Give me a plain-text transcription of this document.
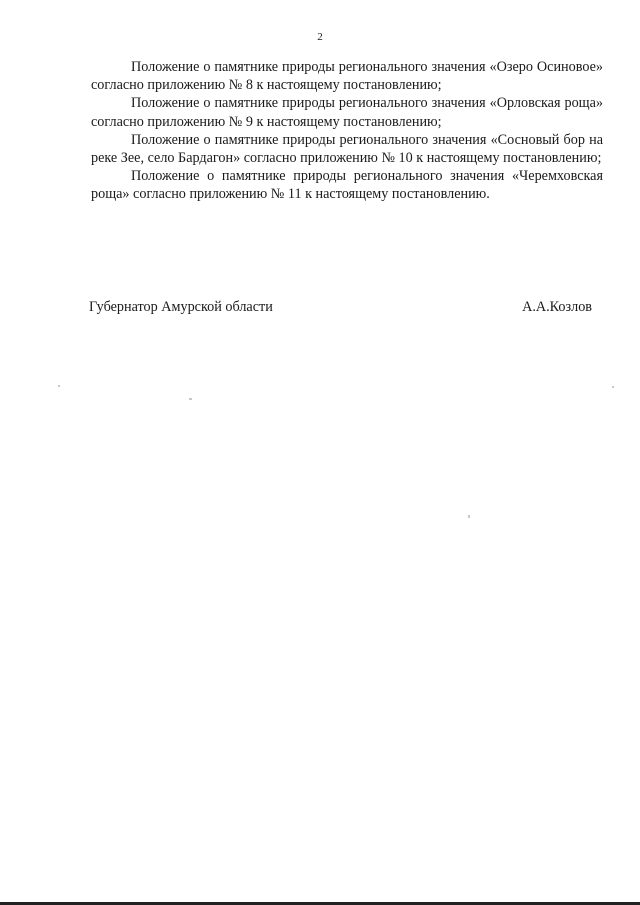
2

Положение о памятнике природы регионального значения «Озеро Осиновое» согласно приложению № 8 к настоящему постановлению;

Положение о памятнике природы регионального значения «Орловская роща» согласно приложению № 9 к настоящему постановлению;

Положение о памятнике природы регионального значения «Сосновый бор на реке Зее, село Бардагон» согласно приложению № 10 к настоящему постановлению;

Положение о памятнике природы регионального значения «Черемховская роща» согласно приложению № 11 к настоящему постановлению.

Губернатор Амурской области	А.А.Козлов
